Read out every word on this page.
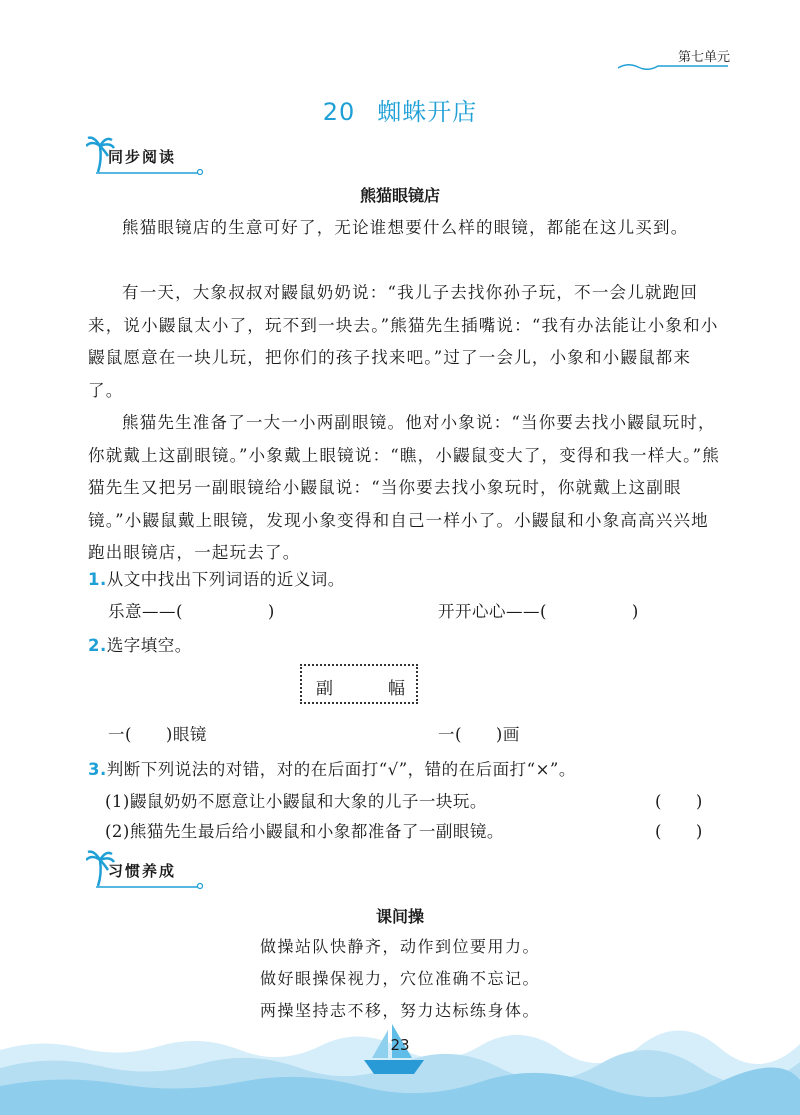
第七单元
20 蜘蛛开店
同步阅读
熊猫眼镜店

熊猫眼镜店的生意可好了，无论谁想要什么样的眼镜，都能在这儿买到。

有一天，大象叔叔对鼹鼠奶奶说：“我儿子去找你孙子玩，不一会儿就跑回来，说小鼹鼠太小了，玩不到一块去。”熊猫先生插嘴说：“我有办法能让小象和小鼹鼠愿意在一块儿玩，把你们的孩子找来吧。”过了一会儿，小象和小鼹鼠都来了。

熊猫先生准备了一大一小两副眼镜。他对小象说：“当你要去找小鼹鼠玩时，你就戴上这副眼镜。”小象戴上眼镜说：“瞧，小鼹鼠变大了，变得和我一样大。”熊猫先生又把另一副眼镜给小鼹鼠说：“当你要去找小象玩时，你就戴上这副眼镜。”小鼹鼠戴上眼镜，发现小象变得和自己一样小了。小鼹鼠和小象高高兴兴地跑出眼镜店，一起玩去了。

1.从文中找出下列词语的近义词。
乐意——(　　　　　)	开开心心——(　　　　　)
2.选字填空。
副	幅
一(　　)眼镜	一(　　)画
3.判断下列说法的对错，对的在后面打“√”，错的在后面打“×”。
(1)鼹鼠奶奶不愿意让小鼹鼠和大象的儿子一块玩。	(　　)
(2)熊猫先生最后给小鼹鼠和小象都准备了一副眼镜。	(　　)
习惯养成
课间操
做操站队快静齐，动作到位要用力。
做好眼操保视力，穴位准确不忘记。
两操坚持志不移，努力达标练身体。
23
